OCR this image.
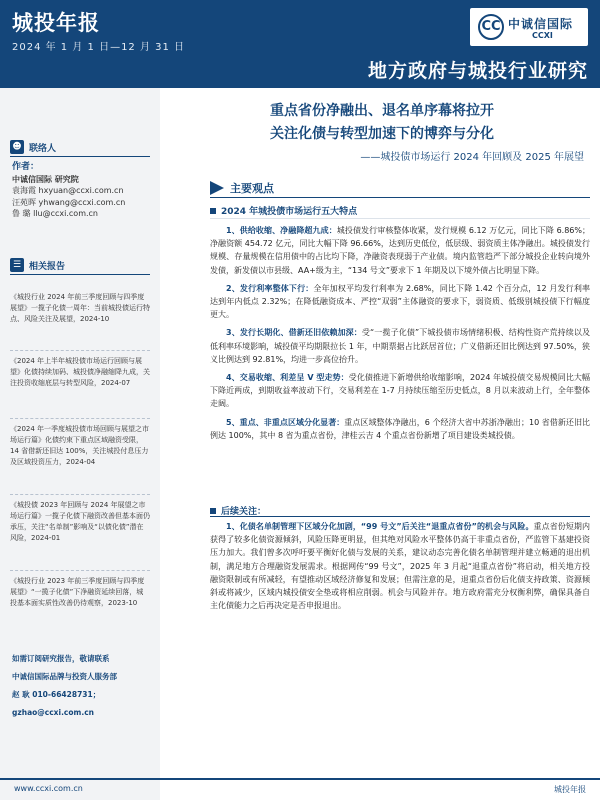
城投年报
2024 年 1 月 1 日—12 月 31 日
CC 中诚信国际
CCXI
地方政府与城投行业研究
☻ 联络人
作者：
中诚信国际 研究院
袁海霞 hxyuan@ccxi.com.cn
汪苑晖 yhwang@ccxi.com.cn
鲁 璐 llu@ccxi.com.cn
☰ 相关报告
《城投行业 2024 年前三季度回顾与四季度展望》一揽子化债一周年：当前城投债运行特点、风险关注及展望，2024-10
《2024 年上半年城投债市场运行回顾与展望》化债持续加码、城投债净融缩降九成，关注投资收缩底层与转型风险，2024-07
《2024 年一季度城投债市场回顾与展望之市场运行篇》化债约束下重点区域融资受限，14 省借新还旧达 100%，关注城投付息压力及区域投资压力，2024-04
《城投债 2023 年回顾与 2024 年展望之市场运行篇》一揽子化债下融资改善但基本面仍承压，关注“名单制”影响及“以债化债”潜在风险，2024-01
《城投行业 2023 年前三季度回顾与四季度展望》“一揽子化债”下净融资延续回落，城投基本面实质性改善仍待观察，2023-10
如需订阅研究报告，敬请联系
中诚信国际品牌与投资人服务部
赵 耿 010-66428731；
gzhao@ccxi.com.cn
重点省份净融出、退名单序幕将拉开
关注化债与转型加速下的博弈与分化
——城投债市场运行 2024 年回顾及 2025 年展望
主要观点
2024 年城投债市场运行五大特点

1、供给收缩、净融降超九成：城投债发行审核整体收紧，发行规模 6.12 万亿元，同比下降 6.86%；净融资额 454.72 亿元，同比大幅下降 96.66%，达到历史低位，低层级、弱资质主体净融出。城投债发行规模、存量规模在信用债中的占比均下降，净融资表现弱于产业债。境内监管趋严下部分城投企业转向境外发债，新发债以市县级、AA+级为主，“134 号文”要求下 1 年期及以下境外债占比明显下降。

2、发行利率整体下行：全年加权平均发行利率为 2.68%，同比下降 1.42 个百分点，12 月发行利率达到年内低点 2.32%；在降低融资成本、严控“双弱”主体融资的要求下，弱资质、低级别城投债下行幅度更大。

3、发行长期化、借新还旧依赖加深：受“一揽子化债”下城投债市场情绪积极、结构性资产荒持续以及低利率环境影响，城投债平均期限拉长 1 年，中期票据占比跃居首位；广义借新还旧比例达到 97.50%，狭义比例达到 92.81%，均进一步高位抬升。

4、交易收缩、利差呈 V 型走势：受化债推进下新增供给收缩影响，2024 年城投债交易规模同比大幅下降近两成，到期收益率波动下行，交易利差在 1-7 月持续压缩至历史低点，8 月以来波动上行，全年整体走阔。

5、重点、非重点区域分化显著：重点区域整体净融出，6 个经济大省中苏浙净融出；10 省借新还旧比例达 100%，其中 8 省为重点省份，津桂云吉 4 个重点省份新增了项目建设类城投债。

后续关注：

1、化债名单制管理下区域分化加剧，“99 号文”后关注“退重点省份”的机会与风险。重点省份短期内获得了较多化债资源倾斜，风险压降更明显，但其绝对风险水平整体仍高于非重点省份，严监管下基建投资压力加大。我们曾多次呼吁要平衡好化债与发展的关系，建议动态完善化债名单制管理并建立畅通的退出机制，满足地方合理融资发展需求。根据网传“99 号文”，2025 年 3 月起“退重点省份”将启动，相关地方投融资限制或有所减轻，有望推动区域经济修复和发展；但需注意的是，退重点省份后化债支持政策、资源倾斜或将减少，区域内城投债安全垫或将相应削弱。机会与风险并存。地方政府需充分权衡利弊，确保具备自主化债能力之后再决定是否申报退出。

www.ccxi.com.cn	城投年报
